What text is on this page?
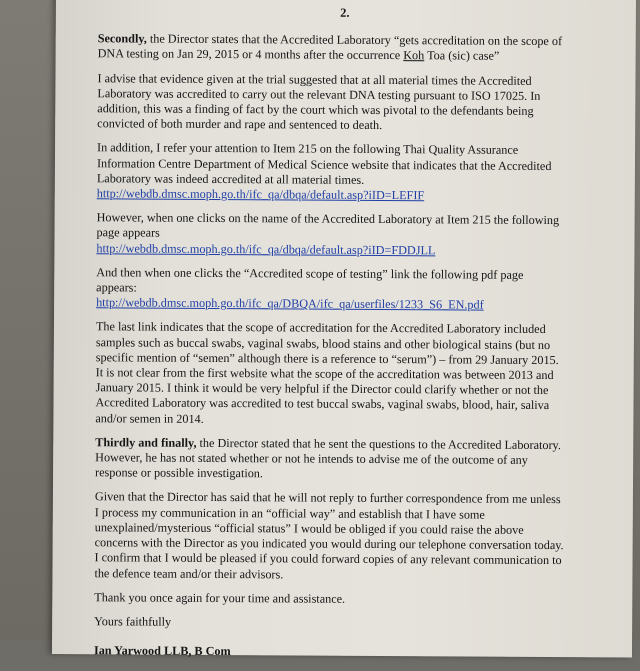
2.

Secondly, the Director states that the Accredited Laboratory “gets accreditation on the scope of DNA testing on Jan 29, 2015 or 4 months after the occurrence Koh Toa (sic) case”

I advise that evidence given at the trial suggested that at all material times the Accredited Laboratory was accredited to carry out the relevant DNA testing pursuant to ISO 17025. In addition, this was a finding of fact by the court which was pivotal to the defendants being convicted of both murder and rape and sentenced to death.

In addition, I refer your attention to Item 215 on the following Thai Quality Assurance Information Centre Department of Medical Science website that indicates that the Accredited Laboratory was indeed accredited at all material times.
http://webdb.dmsc.moph.go.th/ifc_qa/dbqa/default.asp?iID=LEFIF

However, when one clicks on the name of the Accredited Laboratory at Item 215 the following page appears
http://webdb.dmsc.moph.go.th/ifc_qa/dbqa/default.asp?iID=FDDJLL

And then when one clicks the “Accredited scope of testing” link the following pdf page appears:
http://webdb.dmsc.moph.go.th/ifc_qa/DBQA/ifc_qa/userfiles/1233_S6_EN.pdf

The last link indicates that the scope of accreditation for the Accredited Laboratory included samples such as buccal swabs, vaginal swabs, blood stains and other biological stains (but no specific mention of “semen” although there is a reference to “serum”) – from 29 January 2015. It is not clear from the first website what the scope of the accreditation was between 2013 and January 2015. I think it would be very helpful if the Director could clarify whether or not the Accredited Laboratory was accredited to test buccal swabs, vaginal swabs, blood, hair, saliva and/or semen in 2014.

Thirdly and finally, the Director stated that he sent the questions to the Accredited Laboratory. However, he has not stated whether or not he intends to advise me of the outcome of any response or possible investigation.

Given that the Director has said that he will not reply to further correspondence from me unless I process my communication in an “official way” and establish that I have some unexplained/mysterious “official status” I would be obliged if you could raise the above concerns with the Director as you indicated you would during our telephone conversation today. I confirm that I would be pleased if you could forward copies of any relevant communication to the defence team and/or their advisors.

Thank you once again for your time and assistance.

Yours faithfully

Ian Yarwood LLB, B Com
